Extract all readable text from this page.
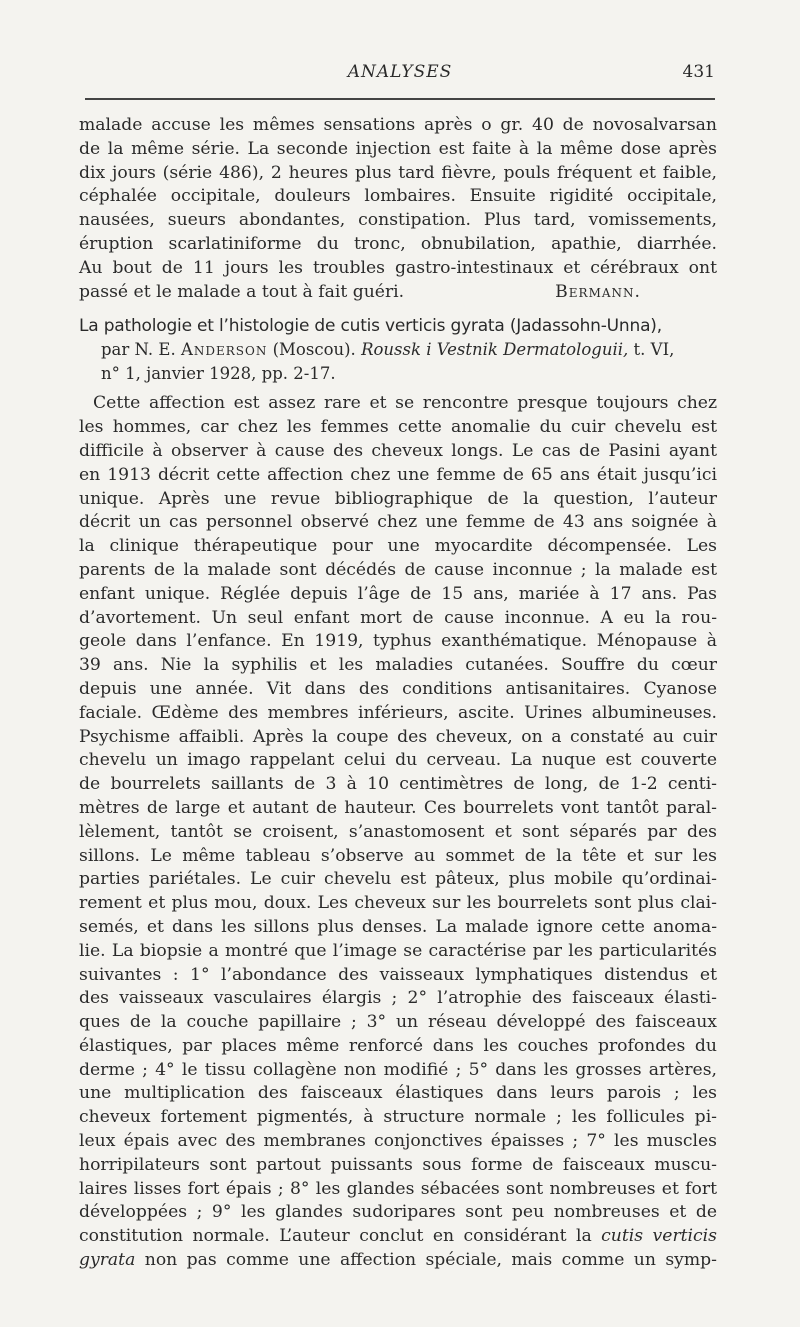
ANALYSES	431
malade accuse les mêmes sensations après o gr. 40 de novosalvarsan
de la même série. La seconde injection est faite à la même dose après
dix jours (série 486), 2 heures plus tard fièvre, pouls fréquent et faible,
céphalée occipitale, douleurs lombaires. Ensuite rigidité occipitale,
nausées, sueurs abondantes, constipation. Plus tard, vomissements,
éruption scarlatiniforme du tronc, obnubilation, apathie, diarrhée.
Au bout de 11 jours les troubles gastro-intestinaux et cérébraux ont
passé et le malade a tout à fait guéri.	Bermann.
La pathologie et l’histologie de cutis verticis gyrata (Jadassohn-Unna),
par N. E. Anderson (Moscou). Roussk i Vestnik Dermatologuii, t. VI,
n° 1, janvier 1928, pp. 2-17.
Cette affection est assez rare et se rencontre presque toujours chez
les hommes, car chez les femmes cette anomalie du cuir chevelu est
difficile à observer à cause des cheveux longs. Le cas de Pasini ayant
en 1913 décrit cette affection chez une femme de 65 ans était jusqu’ici
unique. Après une revue bibliographique de la question, l’auteur
décrit un cas personnel observé chez une femme de 43 ans soignée à
la clinique thérapeutique pour une myocardite décompensée. Les
parents de la malade sont décédés de cause inconnue ; la malade est
enfant unique. Réglée depuis l’âge de 15 ans, mariée à 17 ans. Pas
d’avortement. Un seul enfant mort de cause inconnue. A eu la rou-
geole dans l’enfance. En 1919, typhus exanthématique. Ménopause à
39 ans. Nie la syphilis et les maladies cutanées. Souffre du cœur
depuis une année. Vit dans des conditions antisanitaires. Cyanose
faciale. Œdème des membres inférieurs, ascite. Urines albumineuses.
Psychisme affaibli. Après la coupe des cheveux, on a constaté au cuir
chevelu un imago rappelant celui du cerveau. La nuque est couverte
de bourrelets saillants de 3 à 10 centimètres de long, de 1-2 centi-
mètres de large et autant de hauteur. Ces bourrelets vont tantôt paral-
lèlement, tantôt se croisent, s’anastomosent et sont séparés par des
sillons. Le même tableau s’observe au sommet de la tête et sur les
parties pariétales. Le cuir chevelu est pâteux, plus mobile qu’ordinai-
rement et plus mou, doux. Les cheveux sur les bourrelets sont plus clai-
semés, et dans les sillons plus denses. La malade ignore cette anoma-
lie. La biopsie a montré que l’image se caractérise par les particularités
suivantes : 1° l’abondance des vaisseaux lymphatiques distendus et
des vaisseaux vasculaires élargis ; 2° l’atrophie des faisceaux élasti-
ques de la couche papillaire ; 3° un réseau développé des faisceaux
élastiques, par places même renforcé dans les couches profondes du
derme ; 4° le tissu collagène non modifié ; 5° dans les grosses artères,
une multiplication des faisceaux élastiques dans leurs parois ; les
cheveux fortement pigmentés, à structure normale ; les follicules pi-
leux épais avec des membranes conjonctives épaisses ; 7° les muscles
horripilateurs sont partout puissants sous forme de faisceaux muscu-
laires lisses fort épais ; 8° les glandes sébacées sont nombreuses et fort
développées ; 9° les glandes sudoripares sont peu nombreuses et de
constitution normale. L’auteur conclut en considérant la cutis verticis
gyrata non pas comme une affection spéciale, mais comme un symp-
